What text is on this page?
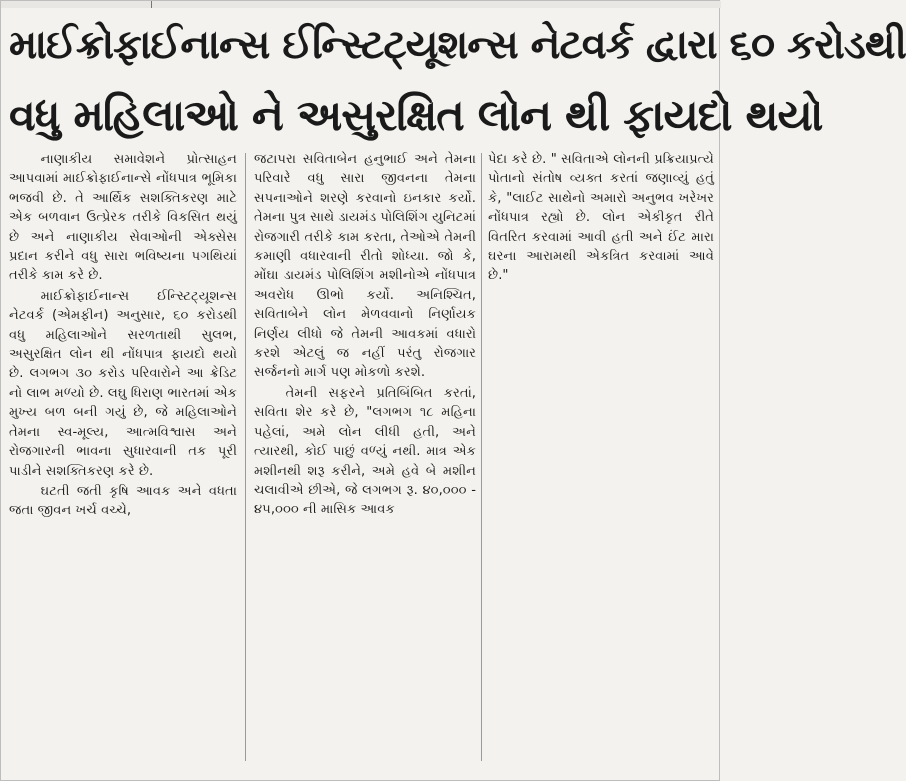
માઈક્રોફાઈનાન્સ ઈન્સ્ટિટ્યૂશન્સ નેટવર્ક દ્વારા ૬૦ કરોડથી
વધુ મહિલાઓ ને અસુરક્ષિત લોન થી ફાયદો થયો

નાણાકીય સમાવેશને પ્રોત્સાહન આપવામાં માઈક્રોફાઈનાન્સે નોંધપાત્ર ભૂમિકા ભજવી છે. તે આર્થિક સશક્તિકરણ માટે એક બળવાન ઉત્પ્રેરક તરીકે વિકસિત થયું છે અને નાણાકીય સેવાઓની એક્સેસ પ્રદાન કરીને વધુ સારા ભવિષ્યના પગથિયાં તરીકે કામ કરે છે.

માઈક્રોફાઈનાન્સ ઈન્સ્ટિટ્યૂશન્સ નેટવર્ક (એમફીન) અનુસાર, ૬૦ કરોડથી વધુ મહિલાઓને સરળતાથી સુલભ, અસુરક્ષિત લોન થી નોંધપાત્ર ફાયદો થયો છે. લગભગ ૩૦ કરોડ પરિવારોને આ ક્રેડિટ નો લાભ મળ્યો છે. લઘુ ધિરાણ ભારતમાં એક મુખ્ય બળ બની ગયું છે, જે મહિલાઓને તેમના સ્વ-મૂલ્ય, આત્મવિશ્વાસ અને રોજગારની ભાવના સુધારવાની તક પૂરી પાડીને સશક્તિકરણ કરે છે.

ઘટતી જતી કૃષિ આવક અને વધતા જતા જીવન ખર્ચ વચ્ચે,

જટાપરા સવિતાબેન હનુભાઈ અને તેમના પરિવારે વધુ સારા જીવનના તેમના સપનાઓને શરણે કરવાનો ઇનકાર કર્યો. તેમના પુત્ર સાથે ડાયમંડ પોલિશિંગ યુનિટમાં રોજગારી તરીકે કામ કરતા, તેઓએ તેમની કમાણી વધારવાની રીતો શોધ્યા. જો કે, મોંઘા ડાયમંડ પોલિશિંગ મશીનોએ નોંધપાત્ર અવરોધ ઊભો કર્યો. અનિશ્ચિત, સવિતાબેને લોન મેળવવાનો નિર્ણાયક નિર્ણય લીધો જે તેમની આવકમાં વધારો કરશે એટલું જ નહીં પરંતુ રોજગાર સર્જનનો માર્ગ પણ મોકળો કરશે.

તેમની સફરને પ્રતિબિંબિત કરતાં, સવિતા શેર કરે છે, "લગભગ ૧૮ મહિના પહેલાં, અમે લોન લીધી હતી, અને ત્યારથી, કોઈ પાછું વળ્યું નથી. માત્ર એક મશીનથી શરૂ કરીને, અમે હવે બે મશીન ચલાવીએ છીએ, જે લગભગ રૂ. ૪૦,૦૦૦ - ૪૫,૦૦૦ ની માસિક આવક

પેદા કરે છે. " સવિતાએ લોનની પ્રક્રિયાપ્રત્યે પોતાનો સંતોષ વ્યક્ત કરતાં જણાવ્યું હતું કે, "લાઈટ સાથેનો અમારો અનુભવ ખરેખર નોંધપાત્ર રહ્યો છે. લોન એકીકૃત રીતે વિતરિત કરવામાં આવી હતી અને ઈંટ મારા ઘરના આરામથી એકત્રિત કરવામાં આવે છે."
